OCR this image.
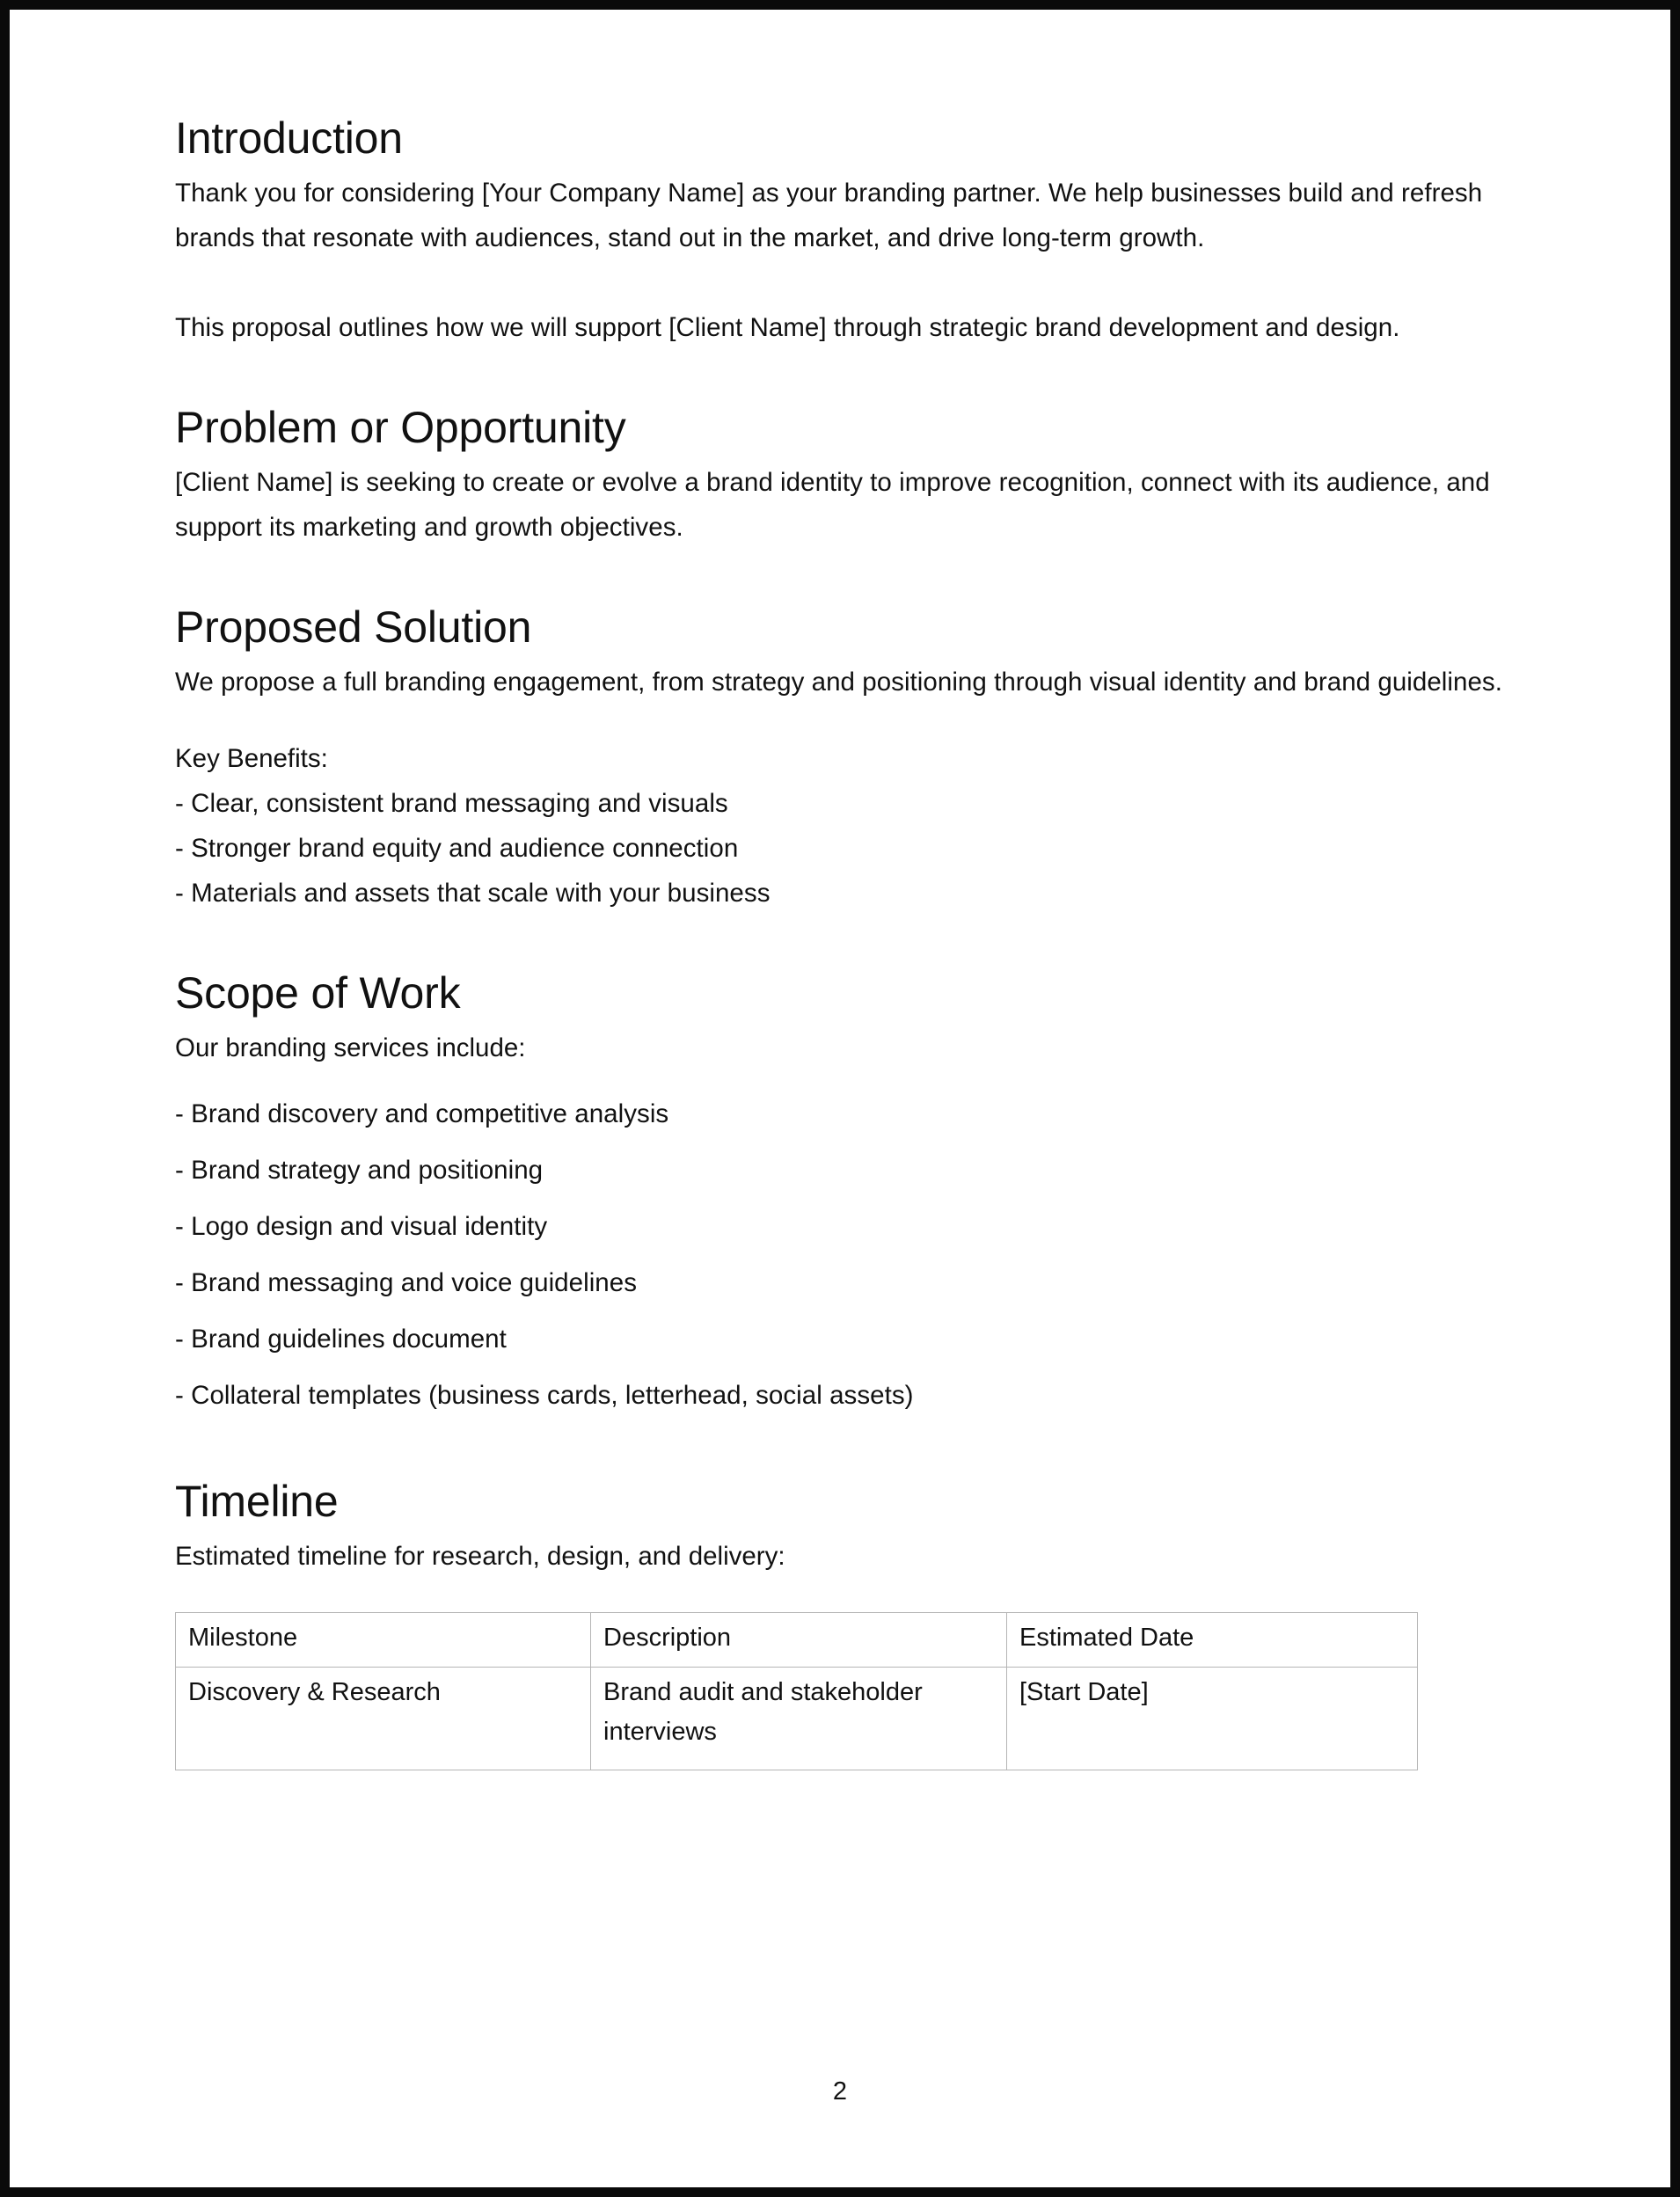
Introduction

Thank you for considering [Your Company Name] as your branding partner. We help businesses build and refresh brands that resonate with audiences, stand out in the market, and drive long-term growth.

This proposal outlines how we will support [Client Name] through strategic brand development and design.

Problem or Opportunity

[Client Name] is seeking to create or evolve a brand identity to improve recognition, connect with its audience, and support its marketing and growth objectives.

Proposed Solution

We propose a full branding engagement, from strategy and positioning through visual identity and brand guidelines.

Key Benefits:

- Clear, consistent brand messaging and visuals
- Stronger brand equity and audience connection
- Materials and assets that scale with your business
Scope of Work

Our branding services include:

- Brand discovery and competitive analysis
- Brand strategy and positioning
- Logo design and visual identity
- Brand messaging and voice guidelines
- Brand guidelines document
- Collateral templates (business cards, letterhead, social assets)
Timeline

Estimated timeline for research, design, and delivery:

Milestone	Description	Estimated Date
Discovery & Research	Brand audit and stakeholder interviews	[Start Date]
2
